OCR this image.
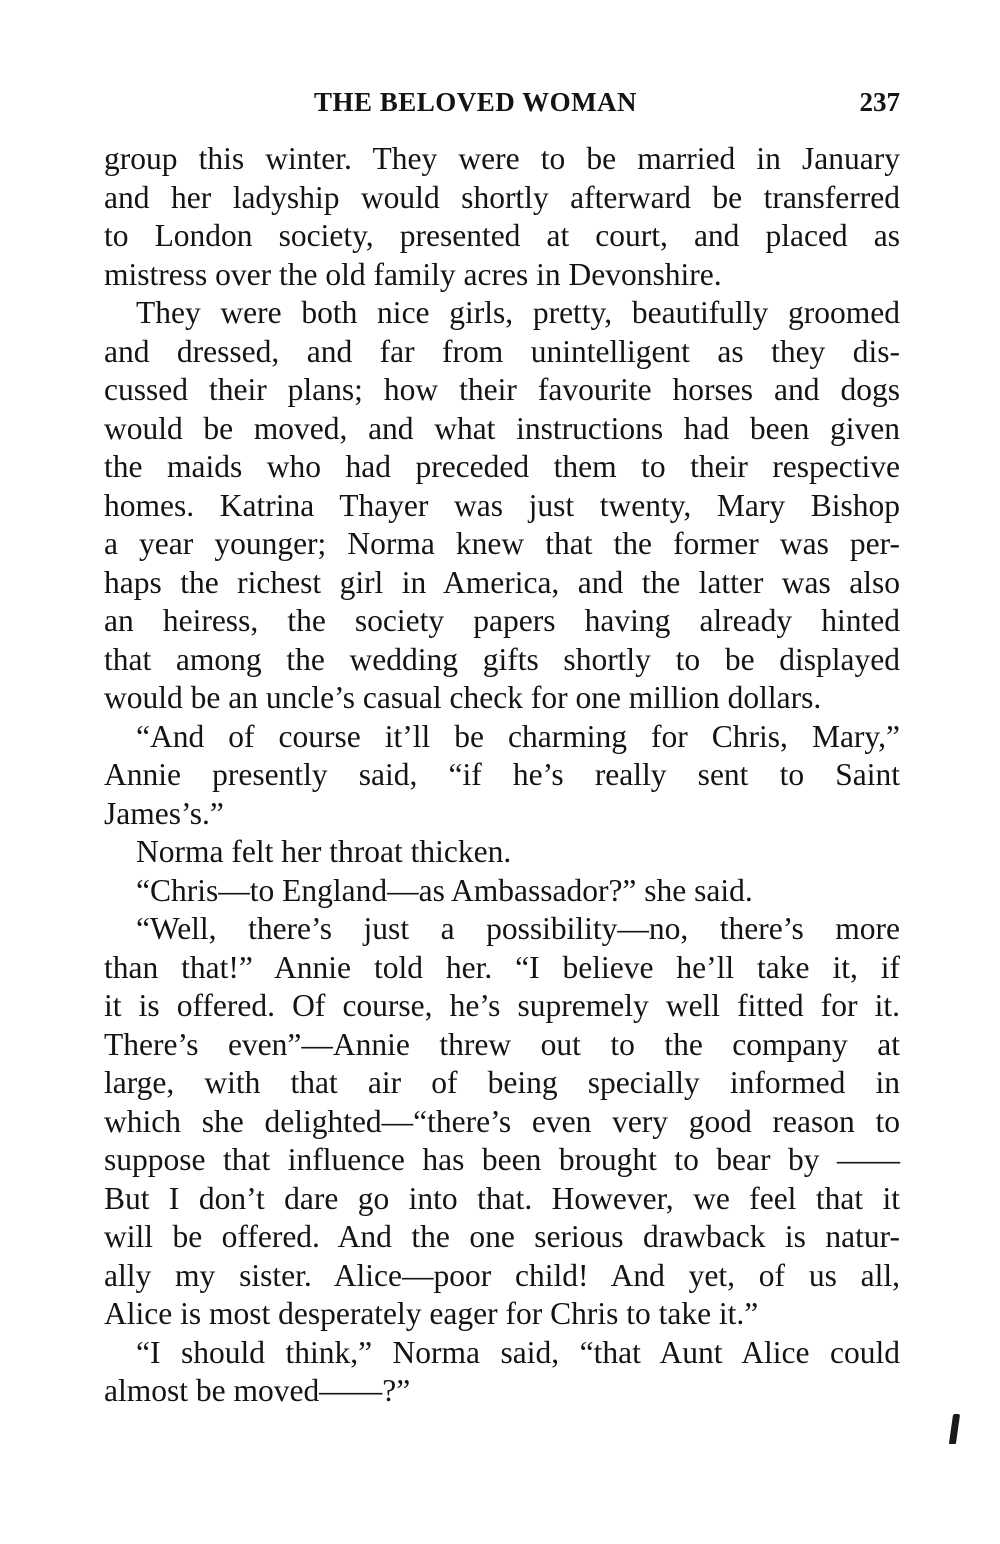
THE BELOVED WOMAN	237
group this winter. They were to be married in January
and her ladyship would shortly afterward be transferred
to London society, presented at court, and placed as
mistress over the old family acres in Devonshire.
They were both nice girls, pretty, beautifully groomed
and dressed, and far from unintelligent as they dis-
cussed their plans; how their favourite horses and dogs
would be moved, and what instructions had been given
the maids who had preceded them to their respective
homes. Katrina Thayer was just twenty, Mary Bishop
a year younger; Norma knew that the former was per-
haps the richest girl in America, and the latter was also
an heiress, the society papers having already hinted
that among the wedding gifts shortly to be displayed
would be an uncle’s casual check for one million dollars.
“And of course it’ll be charming for Chris, Mary,”
Annie presently said, “if he’s really sent to Saint
James’s.”
Norma felt her throat thicken.
“Chris—to England—as Ambassador?” she said.
“Well, there’s just a possibility—no, there’s more
than that!” Annie told her. “I believe he’ll take it, if
it is offered. Of course, he’s supremely well fitted for it.
There’s even”—Annie threw out to the company at
large, with that air of being specially informed in
which she delighted—“there’s even very good reason to
suppose that influence has been brought to bear by ——
But I don’t dare go into that. However, we feel that it
will be offered. And the one serious drawback is natur-
ally my sister. Alice—poor child! And yet, of us all,
Alice is most desperately eager for Chris to take it.”
“I should think,” Norma said, “that Aunt Alice could
almost be moved——?”
